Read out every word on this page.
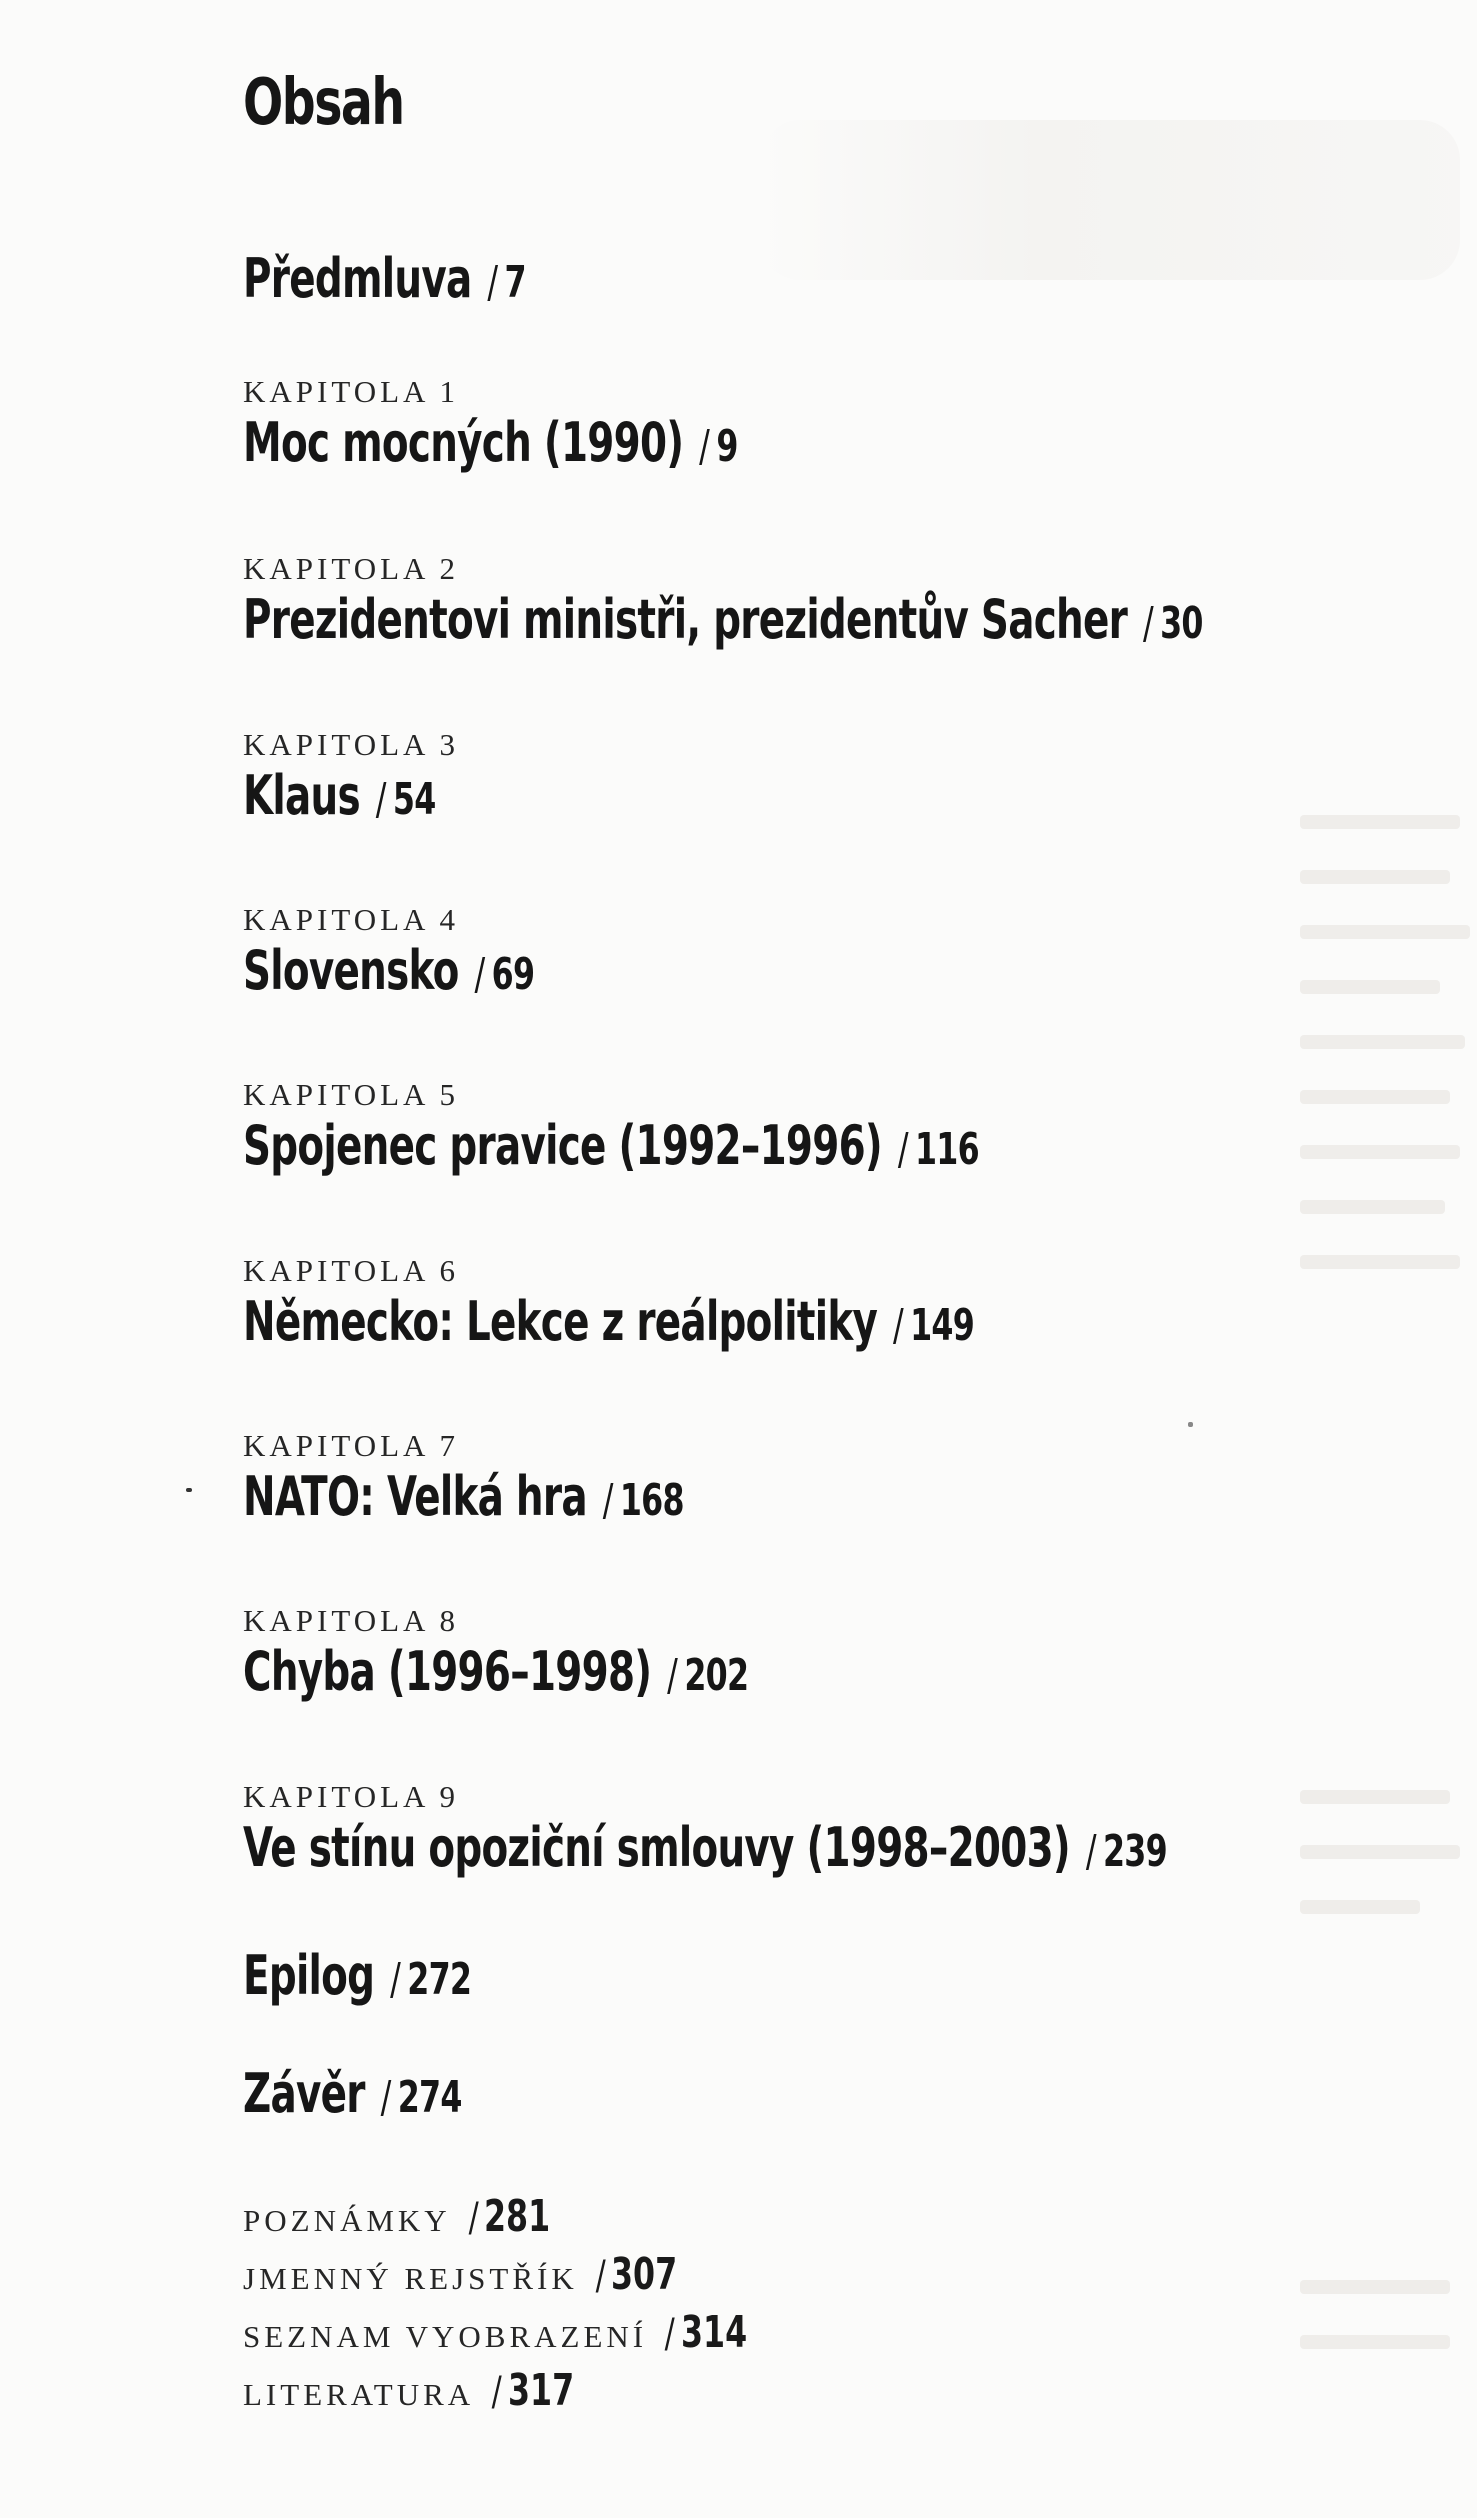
Obsah
Předmluva / 7
KAPITOLA 1
Moc mocných (1990) / 9
KAPITOLA 2
Prezidentovi ministři, prezidentův Sacher / 30
KAPITOLA 3
Klaus / 54
KAPITOLA 4
Slovensko / 69
KAPITOLA 5
Spojenec pravice (1992–1996) / 116
KAPITOLA 6
Německo: Lekce z reálpolitiky / 149
KAPITOLA 7
NATO: Velká hra / 168
KAPITOLA 8
Chyba (1996–1998) / 202
KAPITOLA 9
Ve stínu opoziční smlouvy (1998–2003) / 239
Epilog / 272
Závěr / 274
POZNÁMKY / 281
JMENNÝ REJSTŘÍK / 307
SEZNAM VYOBRAZENÍ / 314
LITERATURA / 317
